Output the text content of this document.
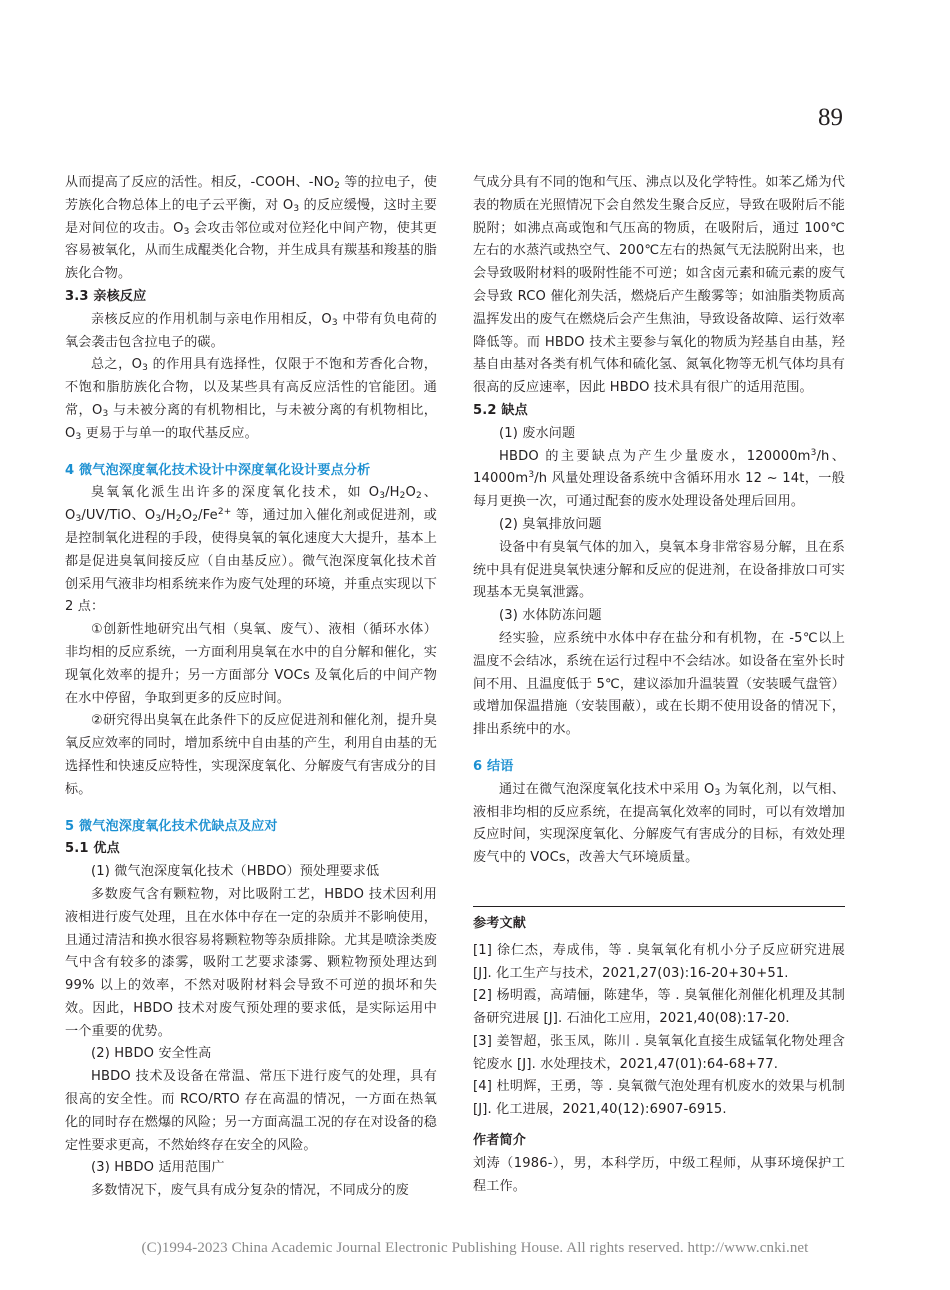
89

从而提高了反应的活性。相反，-COOH、$-NO_2$ 等的拉电子，使芳族化合物总体上的电子云平衡，对 $O_3$ 的反应缓慢，这时主要是对间位的攻击。$O_3$ 会攻击邻位或对位羟化中间产物，使其更容易被氧化，从而生成醌类化合物，并生成具有羰基和羧基的脂族化合物。

3.3 亲核反应

亲核反应的作用机制与亲电作用相反，$O_3$ 中带有负电荷的氧会袭击包含拉电子的碳。

总之，$O_3$ 的作用具有选择性，仅限于不饱和芳香化合物，不饱和脂肪族化合物，以及某些具有高反应活性的官能团。通常，$O_3$ 与未被分离的有机物相比，与未被分离的有机物相比，$O_3$ 更易于与单一的取代基反应。

4 微气泡深度氧化技术设计中深度氧化设计要点分析

臭氧氧化派生出许多的深度氧化技术，如 $O_3/H_2O_2$、$O_3/UV$/TiO、$O_3/H_2O_2/Fe^{2+}$ 等，通过加入催化剂或促进剂，或是控制氧化进程的手段，使得臭氧的氧化速度大大提升，基本上都是促进臭氧间接反应（自由基反应）。微气泡深度氧化技术首创采用气液非均相系统来作为废气处理的环境，并重点实现以下 2 点：

①创新性地研究出气相（臭氧、废气）、液相（循环水体）非均相的反应系统，一方面利用臭氧在水中的自分解和催化，实现氧化效率的提升；另一方面部分 VOCs 及氧化后的中间产物在水中停留，争取到更多的反应时间。

②研究得出臭氧在此条件下的反应促进剂和催化剂，提升臭氧反应效率的同时，增加系统中自由基的产生，利用自由基的无选择性和快速反应特性，实现深度氧化、分解废气有害成分的目标。

5 微气泡深度氧化技术优缺点及应对

5.1 优点

(1) 微气泡深度氧化技术（HBDO）预处理要求低

多数废气含有颗粒物，对比吸附工艺，HBDO 技术因利用液相进行废气处理，且在水体中存在一定的杂质并不影响使用，且通过清洁和换水很容易将颗粒物等杂质排除。尤其是喷涂类废气中含有较多的漆雾，吸附工艺要求漆雾、颗粒物预处理达到 99% 以上的效率，不然对吸附材料会导致不可逆的损坏和失效。因此，HBDO 技术对废气预处理的要求低，是实际运用中一个重要的优势。

(2) HBDO 安全性高

HBDO 技术及设备在常温、常压下进行废气的处理，具有很高的安全性。而 RCO/RTO 存在高温的情况，一方面在热氧化的同时存在燃爆的风险；另一方面高温工况的存在对设备的稳定性要求更高，不然始终存在安全的风险。

(3) HBDO 适用范围广

多数情况下，废气具有成分复杂的情况，不同成分的废

气成分具有不同的饱和气压、沸点以及化学特性。如苯乙烯为代表的物质在光照情况下会自然发生聚合反应，导致在吸附后不能脱附；如沸点高或饱和气压高的物质，在吸附后，通过 100℃左右的水蒸汽或热空气、200℃左右的热氮气无法脱附出来，也会导致吸附材料的吸附性能不可逆；如含卤元素和硫元素的废气会导致 RCO 催化剂失活，燃烧后产生酸雾等；如油脂类物质高温挥发出的废气在燃烧后会产生焦油，导致设备故障、运行效率降低等。而 HBDO 技术主要参与氧化的物质为羟基自由基，羟基自由基对各类有机气体和硫化氢、氮氧化物等无机气体均具有很高的反应速率，因此 HBDO 技术具有很广的适用范围。

5.2 缺点

(1) 废水问题

HBDO 的主要缺点为产生少量废水，$120000m^3/h$、$14000m^3/h$ 风量处理设备系统中含循环用水 12 ~ 14t，一般每月更换一次，可通过配套的废水处理设备处理后回用。

(2) 臭氧排放问题

设备中有臭氧气体的加入，臭氧本身非常容易分解，且在系统中具有促进臭氧快速分解和反应的促进剂，在设备排放口可实现基本无臭氧泄露。

(3) 水体防冻问题

经实验，应系统中水体中存在盐分和有机物，在 -5℃以上温度不会结冰，系统在运行过程中不会结冰。如设备在室外长时间不用、且温度低于 5℃，建议添加升温装置（安装暖气盘管）或增加保温措施（安装围蔽），或在长期不使用设备的情况下，排出系统中的水。

6 结语

通过在微气泡深度氧化技术中采用 $O_3$ 为氧化剂，以气相、液相非均相的反应系统，在提高氧化效率的同时，可以有效增加反应时间，实现深度氧化、分解废气有害成分的目标，有效处理废气中的 VOCs，改善大气环境质量。

参考文献

[1] 徐仁杰，寿成伟，等 . 臭氧氧化有机小分子反应研究进展 [J]. 化工生产与技术，2021,27(03):16-20+30+51.

[2] 杨明霞，高靖俪，陈建华，等 . 臭氧催化剂催化机理及其制备研究进展 [J]. 石油化工应用，2021,40(08):17-20.

[3] 姜智超，张玉凤，陈川 . 臭氧氧化直接生成锰氧化物处理含铊废水 [J]. 水处理技术，2021,47(01):64-68+77.

[4] 杜明辉，王勇，等 . 臭氧微气泡处理有机废水的效果与机制 [J]. 化工进展，2021,40(12):6907-6915.

作者简介

刘涛（1986-），男，本科学历，中级工程师，从事环境保护工程工作。

(C)1994-2023 China Academic Journal Electronic Publishing House. All rights reserved. http://www.cnki.net
